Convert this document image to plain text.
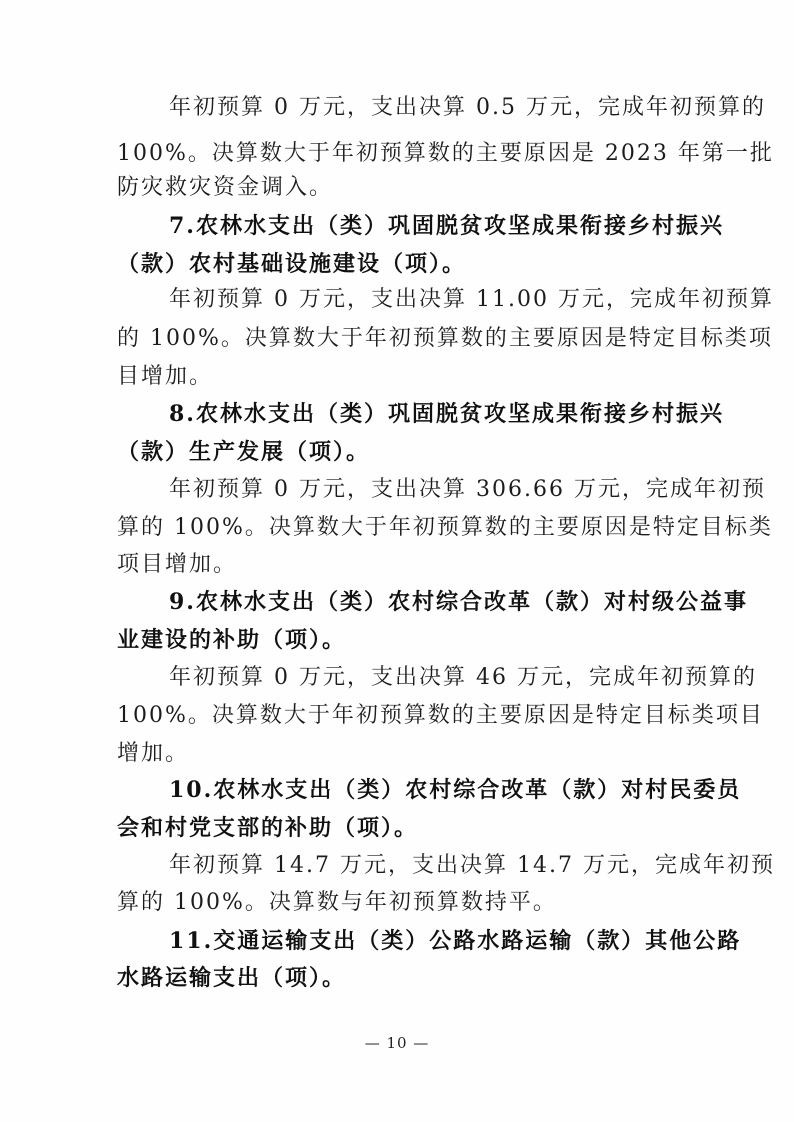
年初预算 0 万元，支出决算 0.5 万元，完成年初预算的
100%。决算数大于年初预算数的主要原因是 2023 年第一批
防灾救灾资金调入。
7.农林水支出（类）巩固脱贫攻坚成果衔接乡村振兴
（款）农村基础设施建设（项）。
年初预算 0 万元，支出决算 11.00 万元，完成年初预算
的 100%。决算数大于年初预算数的主要原因是特定目标类项
目增加。
8.农林水支出（类）巩固脱贫攻坚成果衔接乡村振兴
（款）生产发展（项）。
年初预算 0 万元，支出决算 306.66 万元，完成年初预
算的 100%。决算数大于年初预算数的主要原因是特定目标类
项目增加。
9.农林水支出（类）农村综合改革（款）对村级公益事
业建设的补助（项）。
年初预算 0 万元，支出决算 46 万元，完成年初预算的
100%。决算数大于年初预算数的主要原因是特定目标类项目
增加。
10.农林水支出（类）农村综合改革（款）对村民委员
会和村党支部的补助（项）。
年初预算 14.7 万元，支出决算 14.7 万元，完成年初预
算的 100%。决算数与年初预算数持平。
11.交通运输支出（类）公路水路运输（款）其他公路
水路运输支出（项）。
— 10 —
